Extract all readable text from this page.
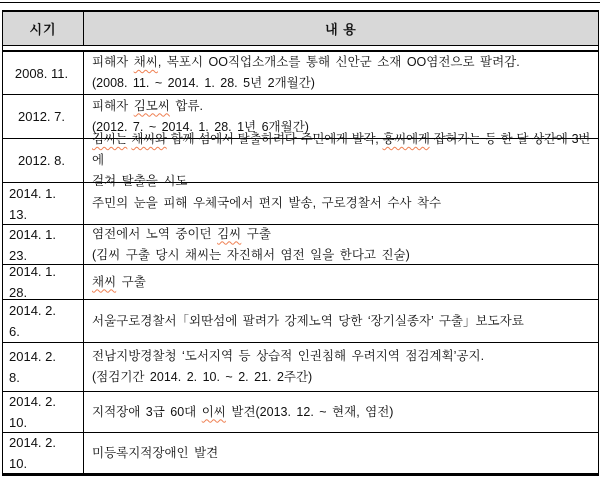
시기	내 용
2008. 11.
피해자 채씨, 목포시 OO직업소개소를 통해 신안군 소재 OO염전으로 팔려감.
(2008. 11. ~ 2014. 1. 28. 5년 2개월간)
2012. 7.
피해자 김모씨 합류.
(2012. 7. ~ 2014. 1. 28. 1년 6개월간)
2012. 8.
김씨는 채씨와 함께 섬에서 탈출하려다 주민에게 발각, 홍씨에게 잡혀가는 등 한 달 상간에 3번에
걸쳐 탈출을 시도
2014. 1.
13.
주민의 눈을 피해 우체국에서 편지 발송, 구로경찰서 수사 착수
2014. 1.
23.
염전에서 노역 중이던 김씨 구출
(김씨 구출 당시 채씨는 자진해서 염전 일을 한다고 진술)
2014. 1.
28.
채씨 구출
2014. 2.
6.
서울구로경찰서「외딴섬에 팔려가 강제노역 당한 ‘장기실종자’ 구출」보도자료
2014. 2.
8.
전남지방경찰청 ‘도서지역 등 상습적 인권침해 우려지역 점검계획’공지.
(점검기간 2014. 2. 10. ~ 2. 21. 2주간)
2014. 2.
10.
지적장애 3급 60대 이씨 발견(2013. 12. ~ 현재, 염전)
2014. 2.
10.
미등록지적장애인 발견
